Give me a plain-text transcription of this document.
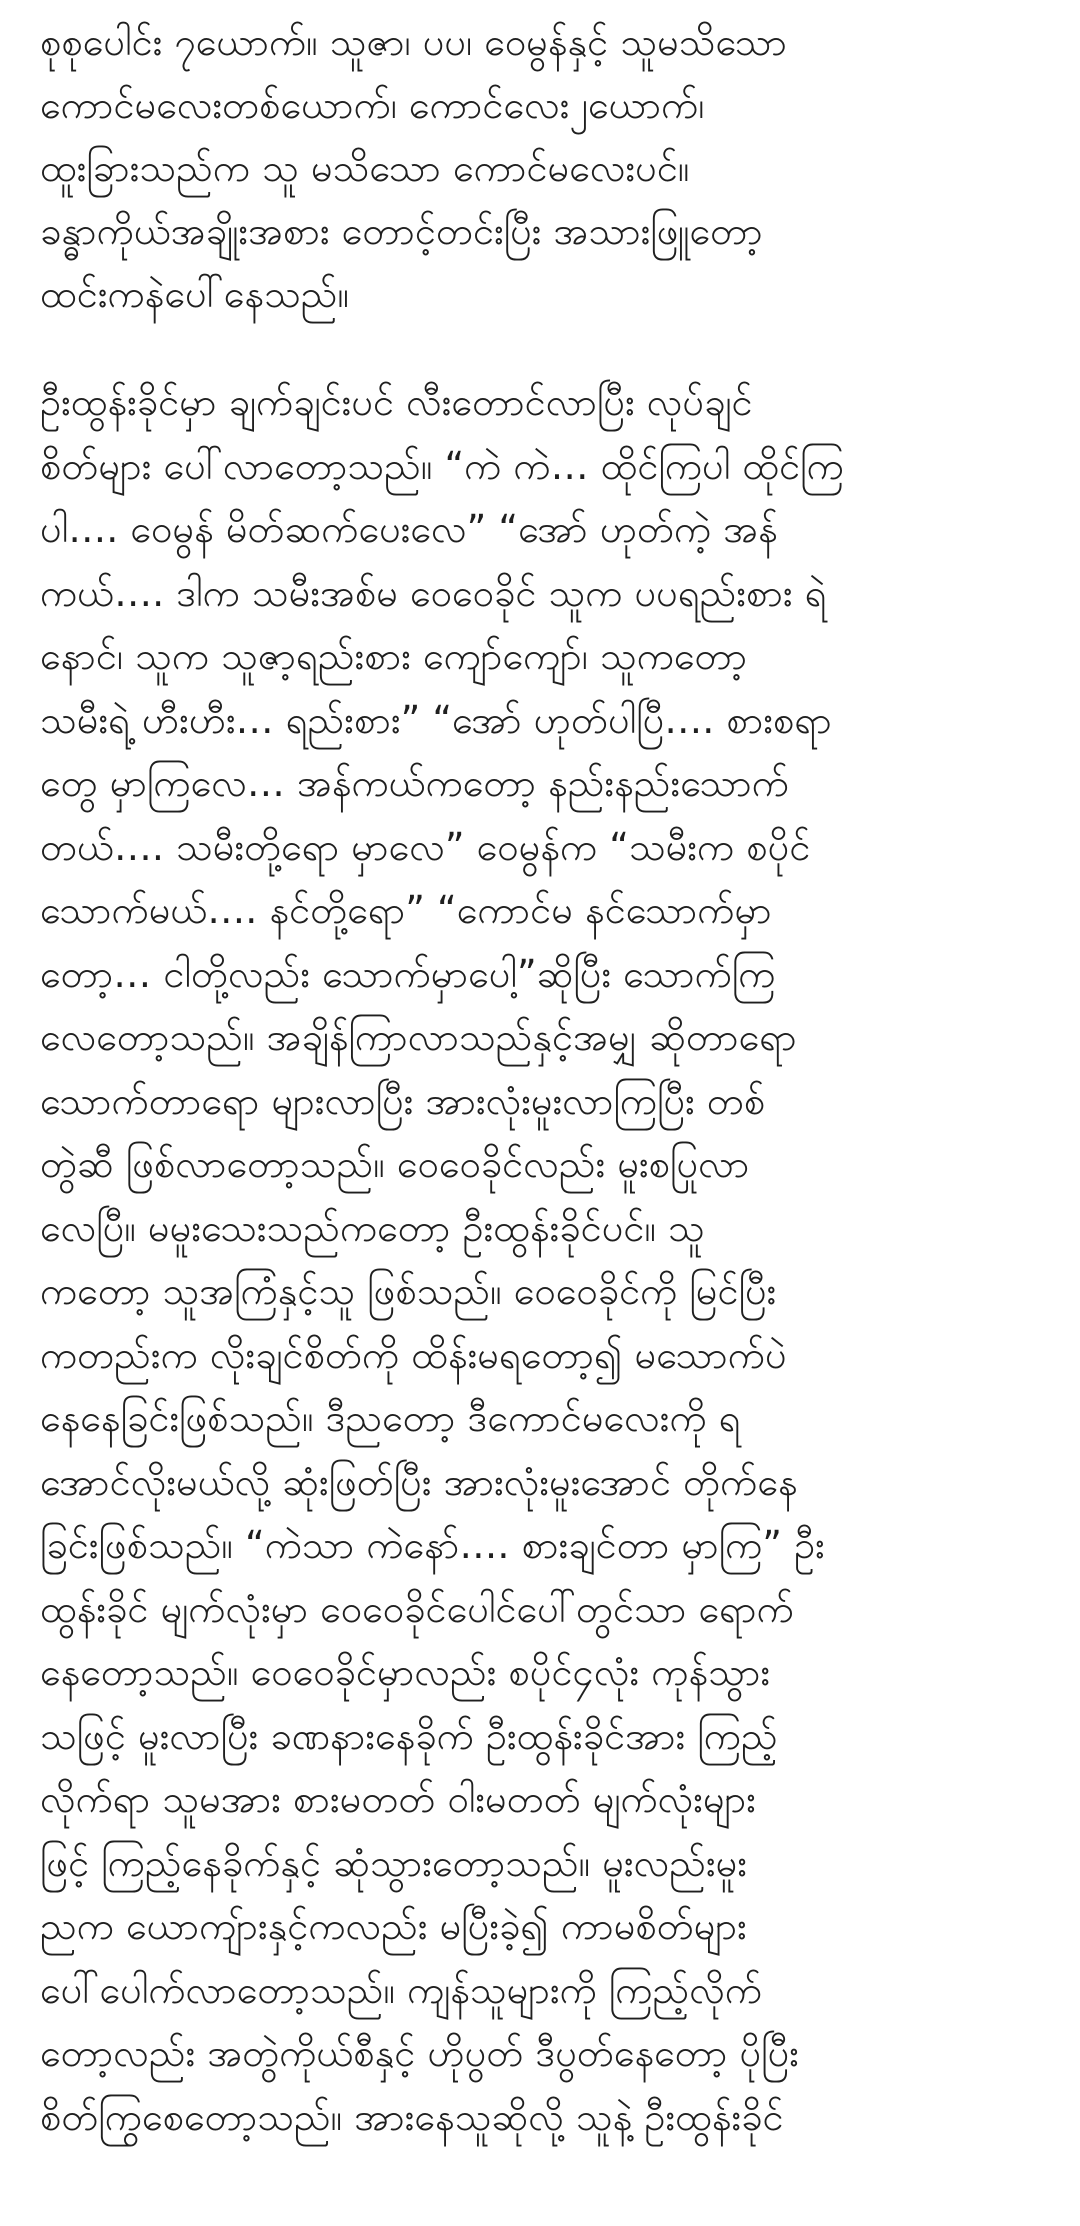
စုစုပေါင်း ၇ယောက်။ သူဇာ၊ ပပ၊ ဝေမွန်နှင့် သူမသိသော
ကောင်မလေးတစ်ယောက်၊ ကောင်လေး၂ယောက်၊
ထူးခြားသည်က သူ မသိသော ကောင်မလေးပင်။
ခန္ဓာကိုယ်အချိုးအစား တောင့်တင်းပြီး အသားဖြူတော့
ထင်းကနဲပေါ်နေသည်။
ဦးထွန်းခိုင်မှာ ချက်ချင်းပင် လီးတောင်လာပြီး လုပ်ချင်
စိတ်များ ပေါ်လာတော့သည်။ “ကဲ ကဲ… ထိုင်ကြပါ ထိုင်ကြ
ပါ…. ဝေမွန် မိတ်ဆက်ပေးလေ” “အော် ဟုတ်ကဲ့ အန်
ကယ်…. ဒါက သမီးအစ်မ ဝေဝေခိုင် သူက ပပရည်းစား ရဲ
နောင်၊ သူက သူဇာ့ရည်းစား ကျော်ကျော်၊ သူကတော့
သမီးရဲ့ ဟီးဟီး… ရည်းစား” “အော် ဟုတ်ပါပြီ…. စားစရာ
တွေ မှာကြလေ… အန်ကယ်ကတော့ နည်းနည်းသောက်
တယ်…. သမီးတို့ရော မှာလေ” ဝေမွန်က “သမီးက စပိုင်
သောက်မယ်…. နင်တို့ရော” “ကောင်မ နင်သောက်မှာ
တော့… ငါတို့လည်း သောက်မှာပေါ့”ဆိုပြီး သောက်ကြ
လေတော့သည်။ အချိန်ကြာလာသည်နှင့်အမျှ ဆိုတာရော
သောက်တာရော များလာပြီး အားလုံးမူးလာကြပြီး တစ်
တွဲဆီ ဖြစ်လာတော့သည်။ ဝေဝေခိုင်လည်း မူးစပြုလာ
လေပြီ။ မမူးသေးသည်ကတော့ ဦးထွန်းခိုင်ပင်။ သူ
ကတော့ သူအကြံနှင့်သူ ဖြစ်သည်။ ဝေဝေခိုင်ကို မြင်ပြီး
ကတည်းက လိုးချင်စိတ်ကို ထိန်းမရတော့၍ မသောက်ပဲ
နေနေခြင်းဖြစ်သည်။ ဒီညတော့ ဒီကောင်မလေးကို ရ
အောင်လိုးမယ်လို့ ဆုံးဖြတ်ပြီး အားလုံးမူးအောင် တိုက်နေ
ခြင်းဖြစ်သည်။ “ကဲသာ ကဲနော်…. စားချင်တာ မှာကြ” ဦး
ထွန်းခိုင် မျက်လုံးမှာ ဝေဝေခိုင်ပေါင်ပေါ်တွင်သာ ရောက်
နေတော့သည်။ ဝေဝေခိုင်မှာလည်း စပိုင်၄လုံး ကုန်သွား
သဖြင့် မူးလာပြီး ခဏနားနေခိုက် ဦးထွန်းခိုင်အား ကြည့်
လိုက်ရာ သူမအား စားမတတ် ဝါးမတတ် မျက်လုံးများ
ဖြင့် ကြည့်နေခိုက်နှင့် ဆုံသွားတော့သည်။ မူးလည်းမူး
ညက ယောကျ်ားနှင့်ကလည်း မပြီးခဲ့၍ ကာမစိတ်များ
ပေါ်ပေါက်လာတော့သည်။ ကျန်သူများကို ကြည့်လိုက်
တော့လည်း အတွဲကိုယ်စီနှင့် ဟိုပွတ် ဒီပွတ်နေတော့ ပိုပြီး
စိတ်ကြွစေတော့သည်။ အားနေသူဆိုလို့ သူနဲ့ ဦးထွန်းခိုင်
